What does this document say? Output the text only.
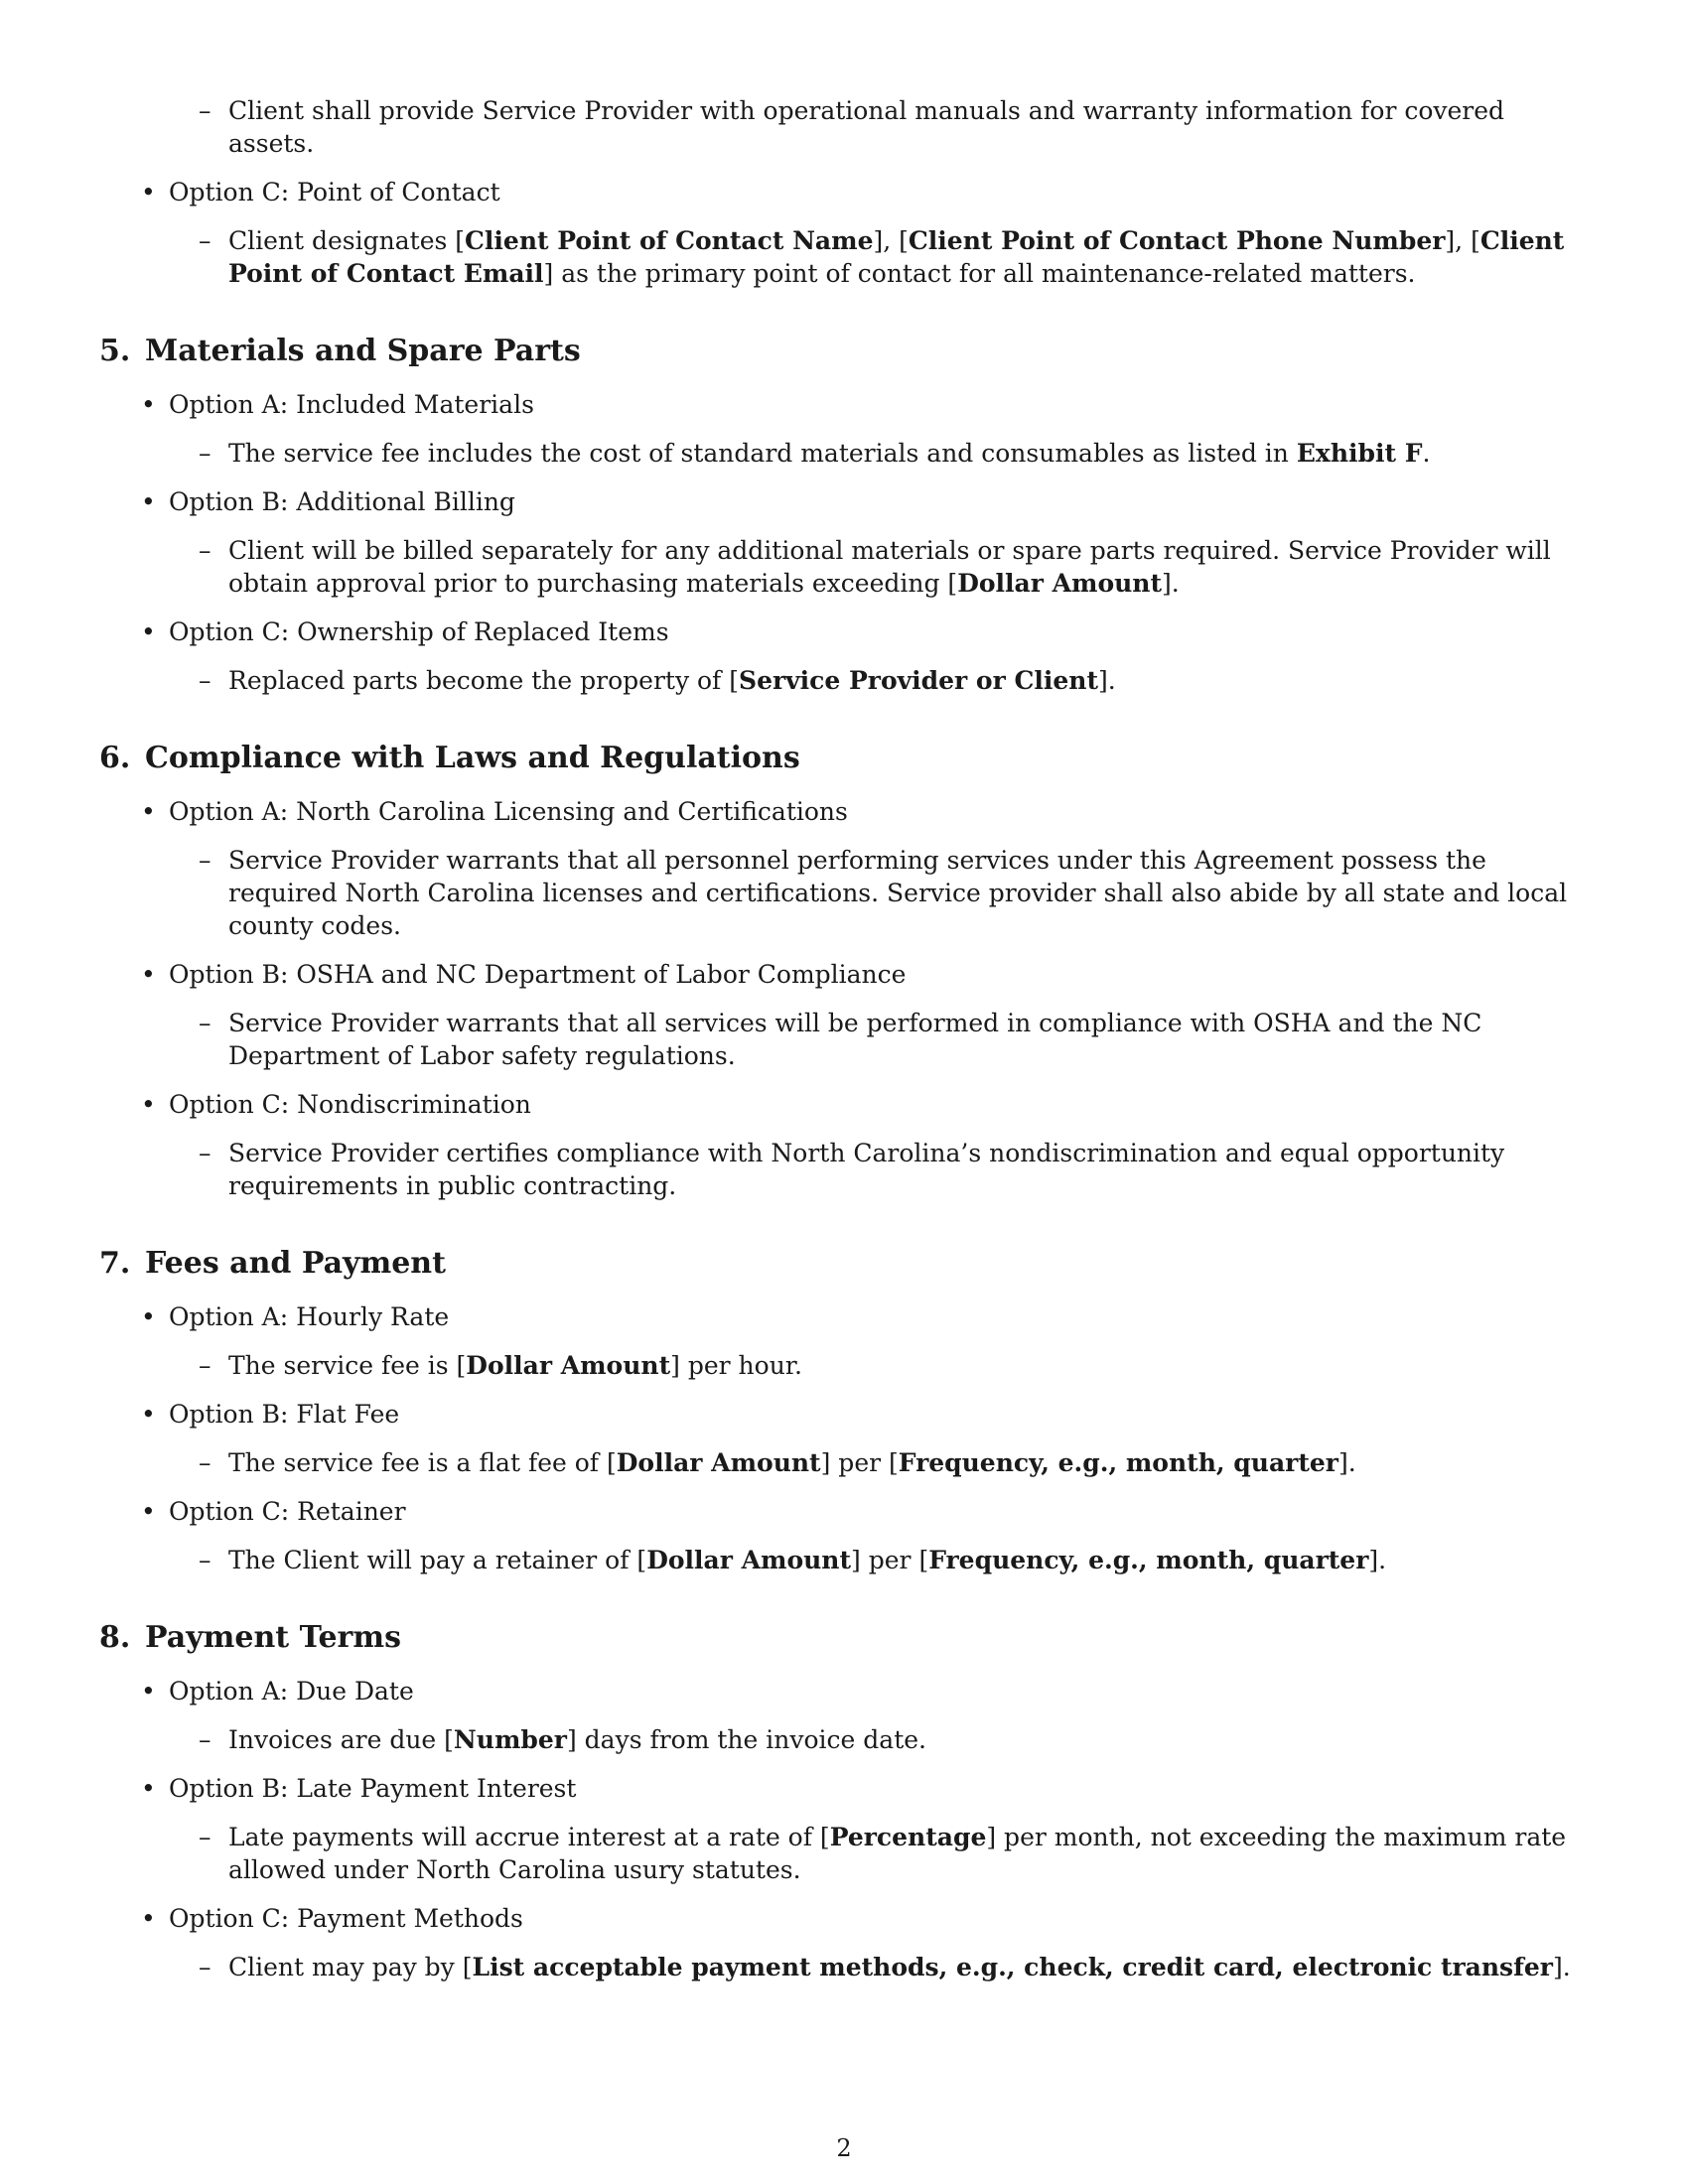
– Client shall provide Service Provider with operational manuals and warranty information for covered assets.
• Option C: Point of Contact
– Client designates [Client Point of Contact Name], [Client Point of Contact Phone Number], [Client Point of Contact Email] as the primary point of contact for all maintenance-related matters.
5. Materials and Spare Parts
• Option A: Included Materials
– The service fee includes the cost of standard materials and consumables as listed in Exhibit F.
• Option B: Additional Billing
– Client will be billed separately for any additional materials or spare parts required. Service Provider will obtain approval prior to purchasing materials exceeding [Dollar Amount].
• Option C: Ownership of Replaced Items
– Replaced parts become the property of [Service Provider or Client].
6. Compliance with Laws and Regulations
• Option A: North Carolina Licensing and Certifications
– Service Provider warrants that all personnel performing services under this Agreement possess the required North Carolina licenses and certifications. Service provider shall also abide by all state and local county codes.
• Option B: OSHA and NC Department of Labor Compliance
– Service Provider warrants that all services will be performed in compliance with OSHA and the NC Department of Labor safety regulations.
• Option C: Nondiscrimination
– Service Provider certifies compliance with North Carolina’s nondiscrimination and equal opportunity requirements in public contracting.
7. Fees and Payment
• Option A: Hourly Rate
– The service fee is [Dollar Amount] per hour.
• Option B: Flat Fee
– The service fee is a flat fee of [Dollar Amount] per [Frequency, e.g., month, quarter].
• Option C: Retainer
– The Client will pay a retainer of [Dollar Amount] per [Frequency, e.g., month, quarter].
8. Payment Terms
• Option A: Due Date
– Invoices are due [Number] days from the invoice date.
• Option B: Late Payment Interest
– Late payments will accrue interest at a rate of [Percentage] per month, not exceeding the maximum rate allowed under North Carolina usury statutes.
• Option C: Payment Methods
– Client may pay by [List acceptable payment methods, e.g., check, credit card, electronic transfer].
2
